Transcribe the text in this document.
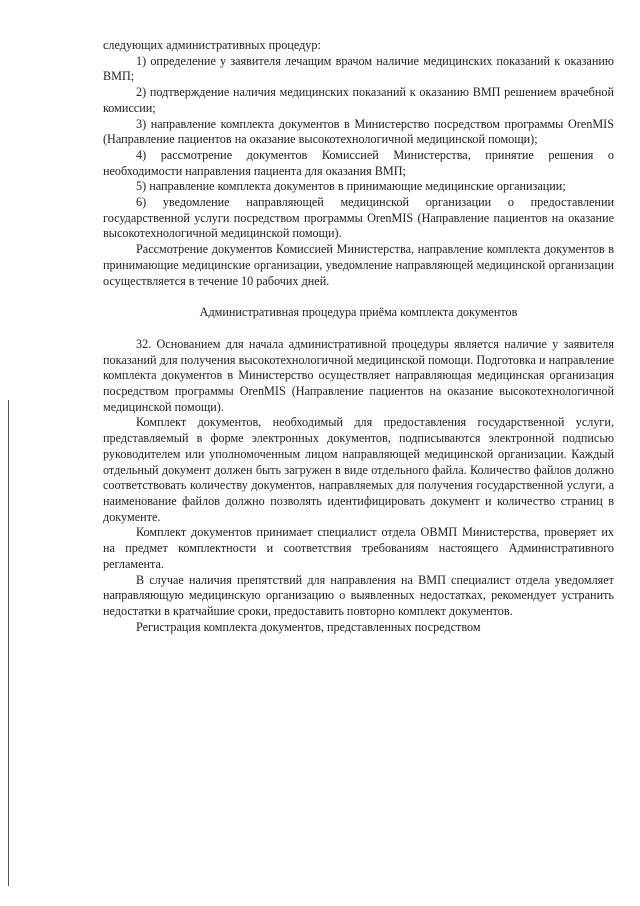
следующих административных процедур:

1) определение у заявителя лечащим врачом наличие медицинских показаний к оказанию ВМП;

2) подтверждение наличия медицинских показаний к оказанию ВМП решением врачебной комиссии;

3) направление комплекта документов в Министерство посредством программы OrenMIS (Направление пациентов на оказание высокотехнологичной медицинской помощи);

4) рассмотрение документов Комиссией Министерства, принятие решения о необходимости направления пациента для оказания ВМП;

5) направление комплекта документов в принимающие медицинские организации;

6) уведомление направляющей медицинской организации о предоставлении государственной услуги посредством программы OrenMIS (Направление пациентов на оказание высокотехнологичной медицинской помощи).

Рассмотрение документов Комиссией Министерства, направление комплекта документов в принимающие медицинские организации, уведомление направляющей медицинской организации осуществляется в течение 10 рабочих дней.

Административная процедура приёма комплекта документов

32. Основанием для начала административной процедуры является наличие у заявителя показаний для получения высокотехнологичной медицинской помощи. Подготовка и направление комплекта документов в Министерство осуществляет направляющая медицинская организация посредством программы OrenMIS (Направление пациентов на оказание высокотехнологичной медицинской помощи).

Комплект документов, необходимый для предоставления государственной услуги, представляемый в форме электронных документов, подписываются электронной подписью руководителем или уполномоченным лицом направляющей медицинской организации. Каждый отдельный документ должен быть загружен в виде отдельного файла. Количество файлов должно соответствовать количеству документов, направляемых для получения государственной услуги, а наименование файлов должно позволять идентифицировать документ и количество страниц в документе.

Комплект документов принимает специалист отдела ОВМП Министерства, проверяет их на предмет комплектности и соответствия требованиям настоящего Административного регламента.

В случае наличия препятствий для направления на ВМП специалист отдела уведомляет направляющую медицинскую организацию о выявленных недостатках, рекомендует устранить недостатки в кратчайшие сроки, предоставить повторно комплект документов.

Регистрация комплекта документов, представленных посредством
